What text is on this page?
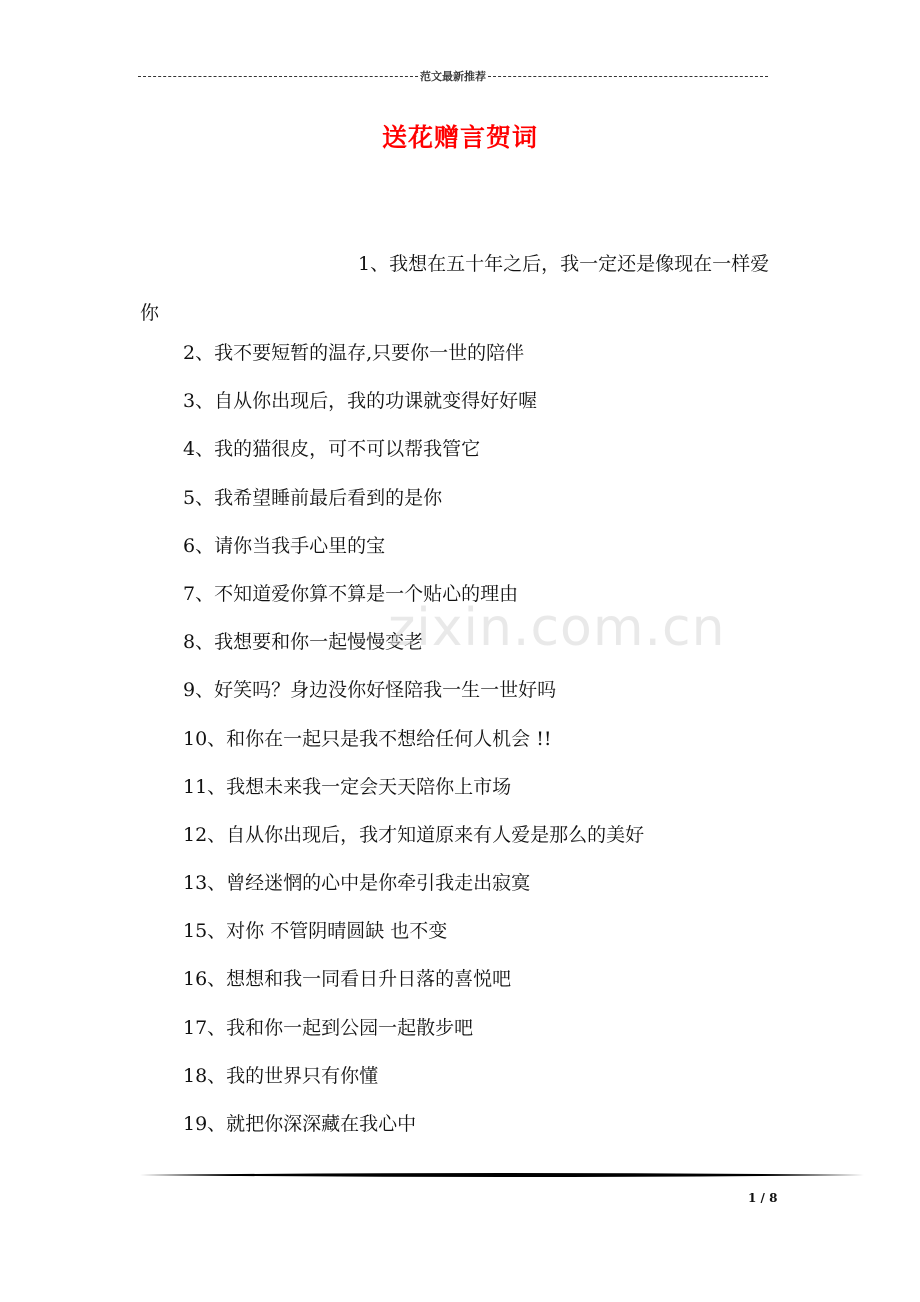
范文最新推荐
送花赠言贺词
1、我想在五十年之后，我一定还是像现在一样爱你
2、我不要短暂的温存,只要你一世的陪伴
3、自从你出现后，我的功课就变得好好喔
4、我的猫很皮，可不可以帮我管它
5、我希望睡前最后看到的是你
6、请你当我手心里的宝
7、不知道爱你算不算是一个贴心的理由
8、我想要和你一起慢慢变老
9、好笑吗？身边没你好怪陪我一生一世好吗
10、和你在一起只是我不想给任何人机会 !!
11、我想未来我一定会天天陪你上市场
12、自从你出现后，我才知道原来有人爱是那么的美好
13、曾经迷惘的心中是你牵引我走出寂寞
15、对你 不管阴晴圆缺 也不变
16、想想和我一同看日升日落的喜悦吧
17、我和你一起到公园一起散步吧
18、我的世界只有你懂
19、就把你深深藏在我心中
zixin.com.cn
1 / 8
